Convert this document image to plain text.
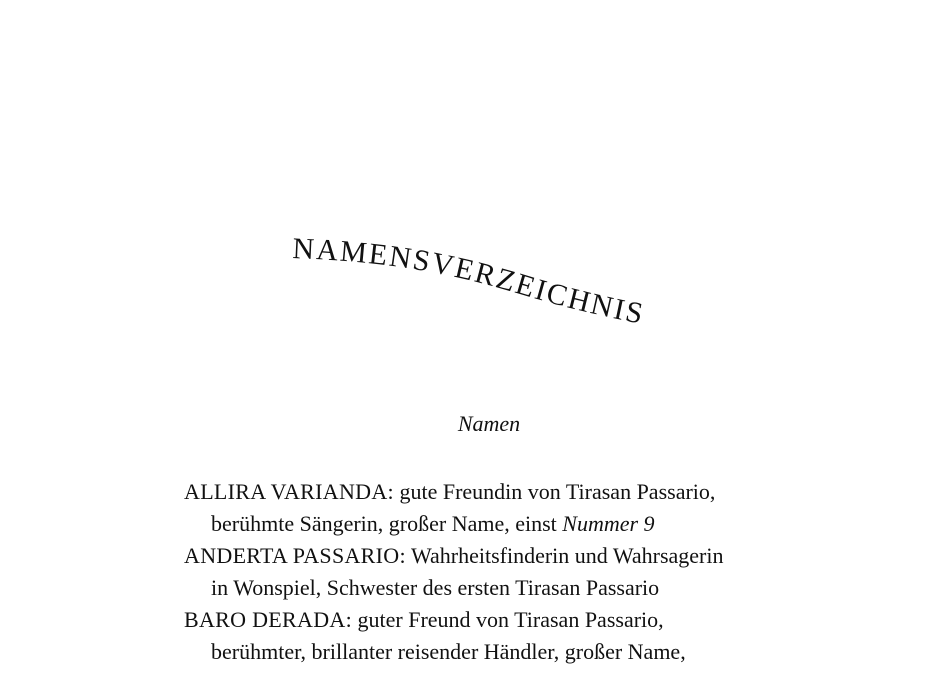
NAMENSVERZEICHNIS
Namen

ALLIRA VARIANDA: gute Freundin von Tirasan Passario,
berühmte Sängerin, großer Name, einst Nummer 9

ANDERTA PASSARIO: Wahrheitsfinderin und Wahrsagerin
in Wonspiel, Schwester des ersten Tirasan Passario

BARO DERADA: guter Freund von Tirasan Passario,
berühmter, brillanter reisender Händler, großer Name,
